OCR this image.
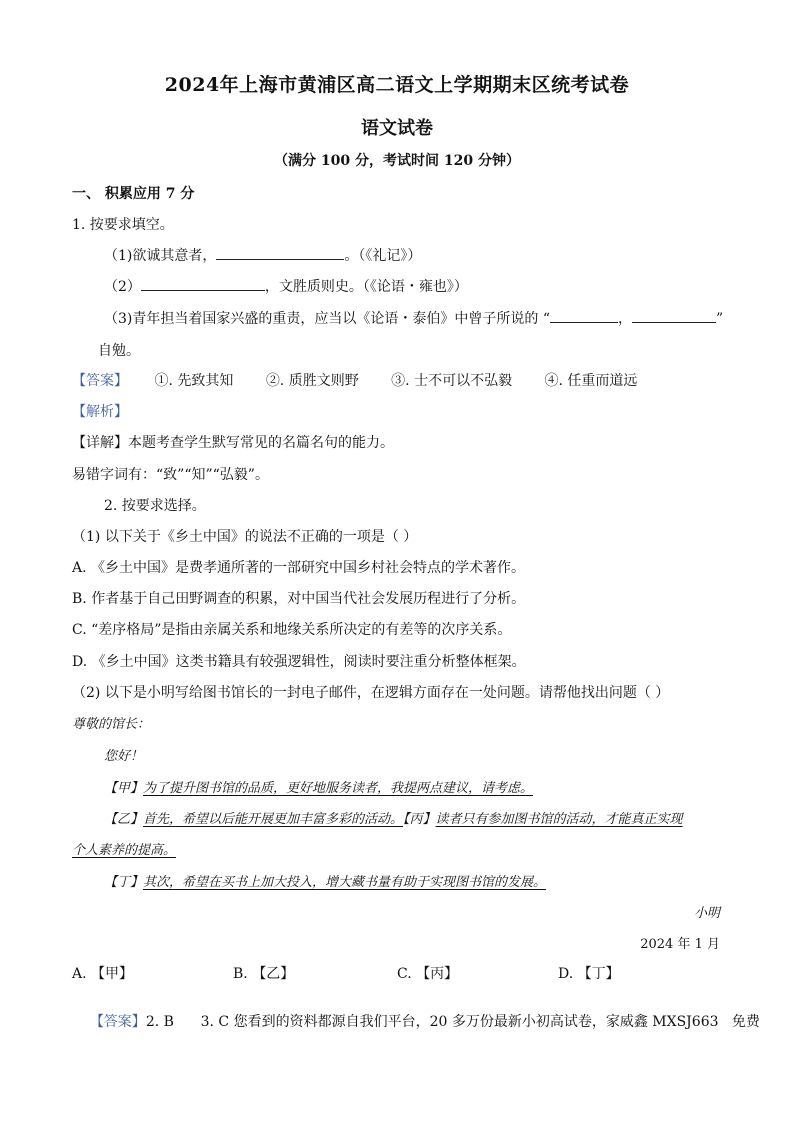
2024年上海市黄浦区高二语文上学期期末区统考试卷
语文试卷
（满分 100 分，考试时间 120 分钟）
一、 积累应用 7 分
1. 按要求填空。
（1)欲诚其意者，	。（《礼记》）
（2）	，文胜质则史。（《论语・雍也》）
（3)青年担当着国家兴盛的重责，应当以《论语・泰伯》中曾子所说的 “	，	”
自勉。
【答案】 ①. 先致其知 ②. 质胜文则野 ③. 士不可以不弘毅 ④. 任重而道远
【解析】
【详解】本题考查学生默写常见的名篇名句的能力。
易错字词有：“致”“知”“弘毅”。
2. 按要求选择。
（1) 以下关于《乡土中国》的说法不正确的一项是（ ）
A. 《乡土中国》是费孝通所著的一部研究中国乡村社会特点的学术著作。
B. 作者基于自己田野调查的积累，对中国当代社会发展历程进行了分析。
C. “差序格局”是指由亲属关系和地缘关系所决定的有差等的次序关系。
D. 《乡土中国》这类书籍具有较强逻辑性，阅读时要注重分析整体框架。
（2) 以下是小明写给图书馆长的一封电子邮件，在逻辑方面存在一处问题。请帮他找出问题（ ）
尊敬的馆长：
您好！
【甲】为了提升图书馆的品质，更好地服务读者，我提两点建议，请考虑。
【乙】首先，希望以后能开展更加丰富多彩的活动。【丙】读者只有参加图书馆的活动，才能真正实现
个人素养的提高。
【丁】其次，希望在买书上加大投入，增大藏书量有助于实现图书馆的发展。
小明
2024 年 1 月
A. 【甲】	B. 【乙】	C. 【丙】	D. 【丁】

【答案】2. B      3. C 您看到的资料都源自我们平台，20 多万份最新小初高试卷，家威鑫 MXSJ663   免费
